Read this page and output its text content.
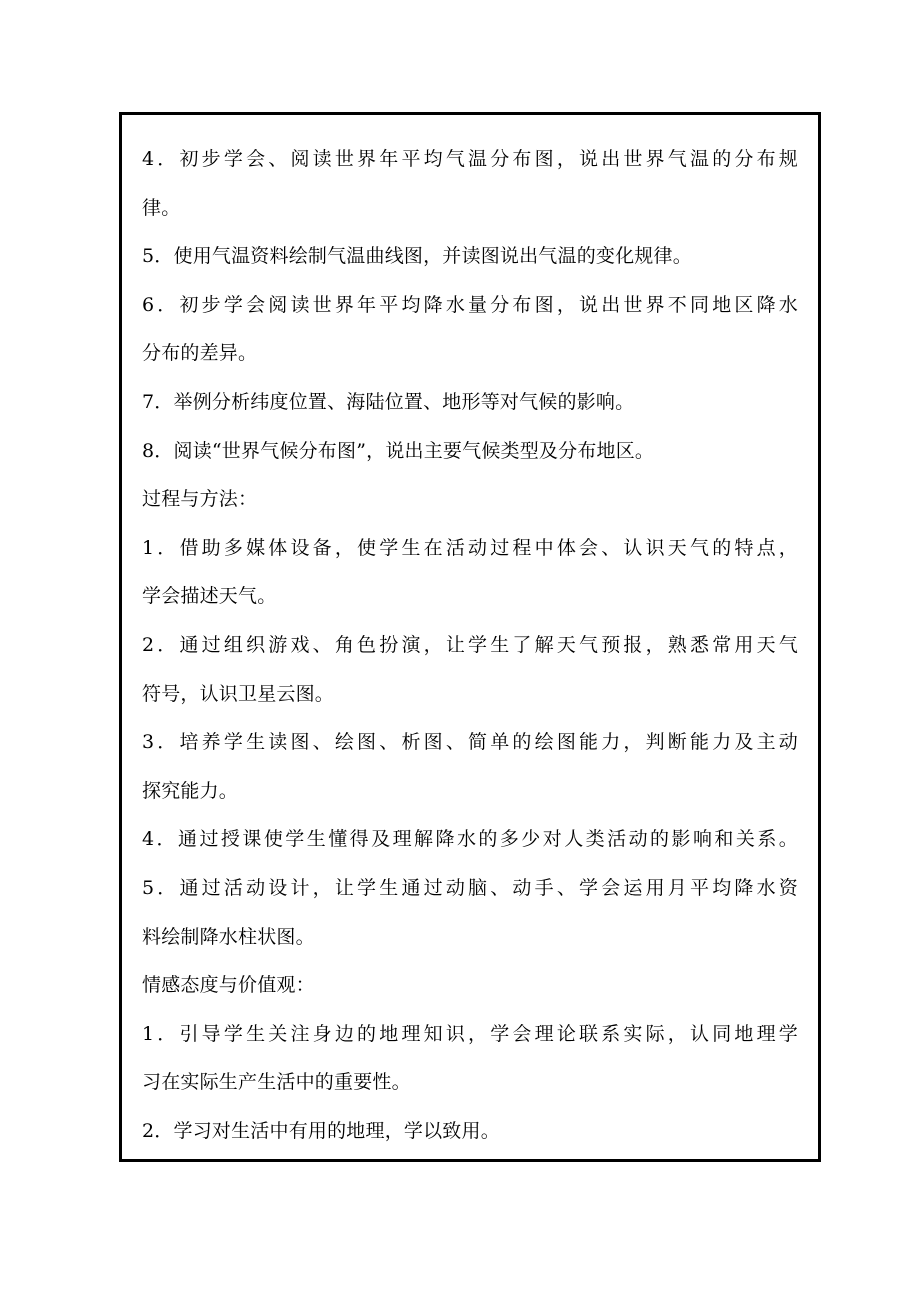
4．初步学会、阅读世界年平均气温分布图，说出世界气温的分布规
律。
5．使用气温资料绘制气温曲线图，并读图说出气温的变化规律。
6．初步学会阅读世界年平均降水量分布图，说出世界不同地区降水
分布的差异。
7．举例分析纬度位置、海陆位置、地形等对气候的影响。
8．阅读“世界气候分布图”，说出主要气候类型及分布地区。
过程与方法：
1．借助多媒体设备，使学生在活动过程中体会、认识天气的特点，
学会描述天气。
2．通过组织游戏、角色扮演，让学生了解天气预报，熟悉常用天气
符号，认识卫星云图。
3．培养学生读图、绘图、析图、简单的绘图能力，判断能力及主动
探究能力。
4．通过授课使学生懂得及理解降水的多少对人类活动的影响和关系。
5．通过活动设计，让学生通过动脑、动手、学会运用月平均降水资
料绘制降水柱状图。
情感态度与价值观：
1．引导学生关注身边的地理知识，学会理论联系实际，认同地理学
习在实际生产生活中的重要性。
2．学习对生活中有用的地理，学以致用。
